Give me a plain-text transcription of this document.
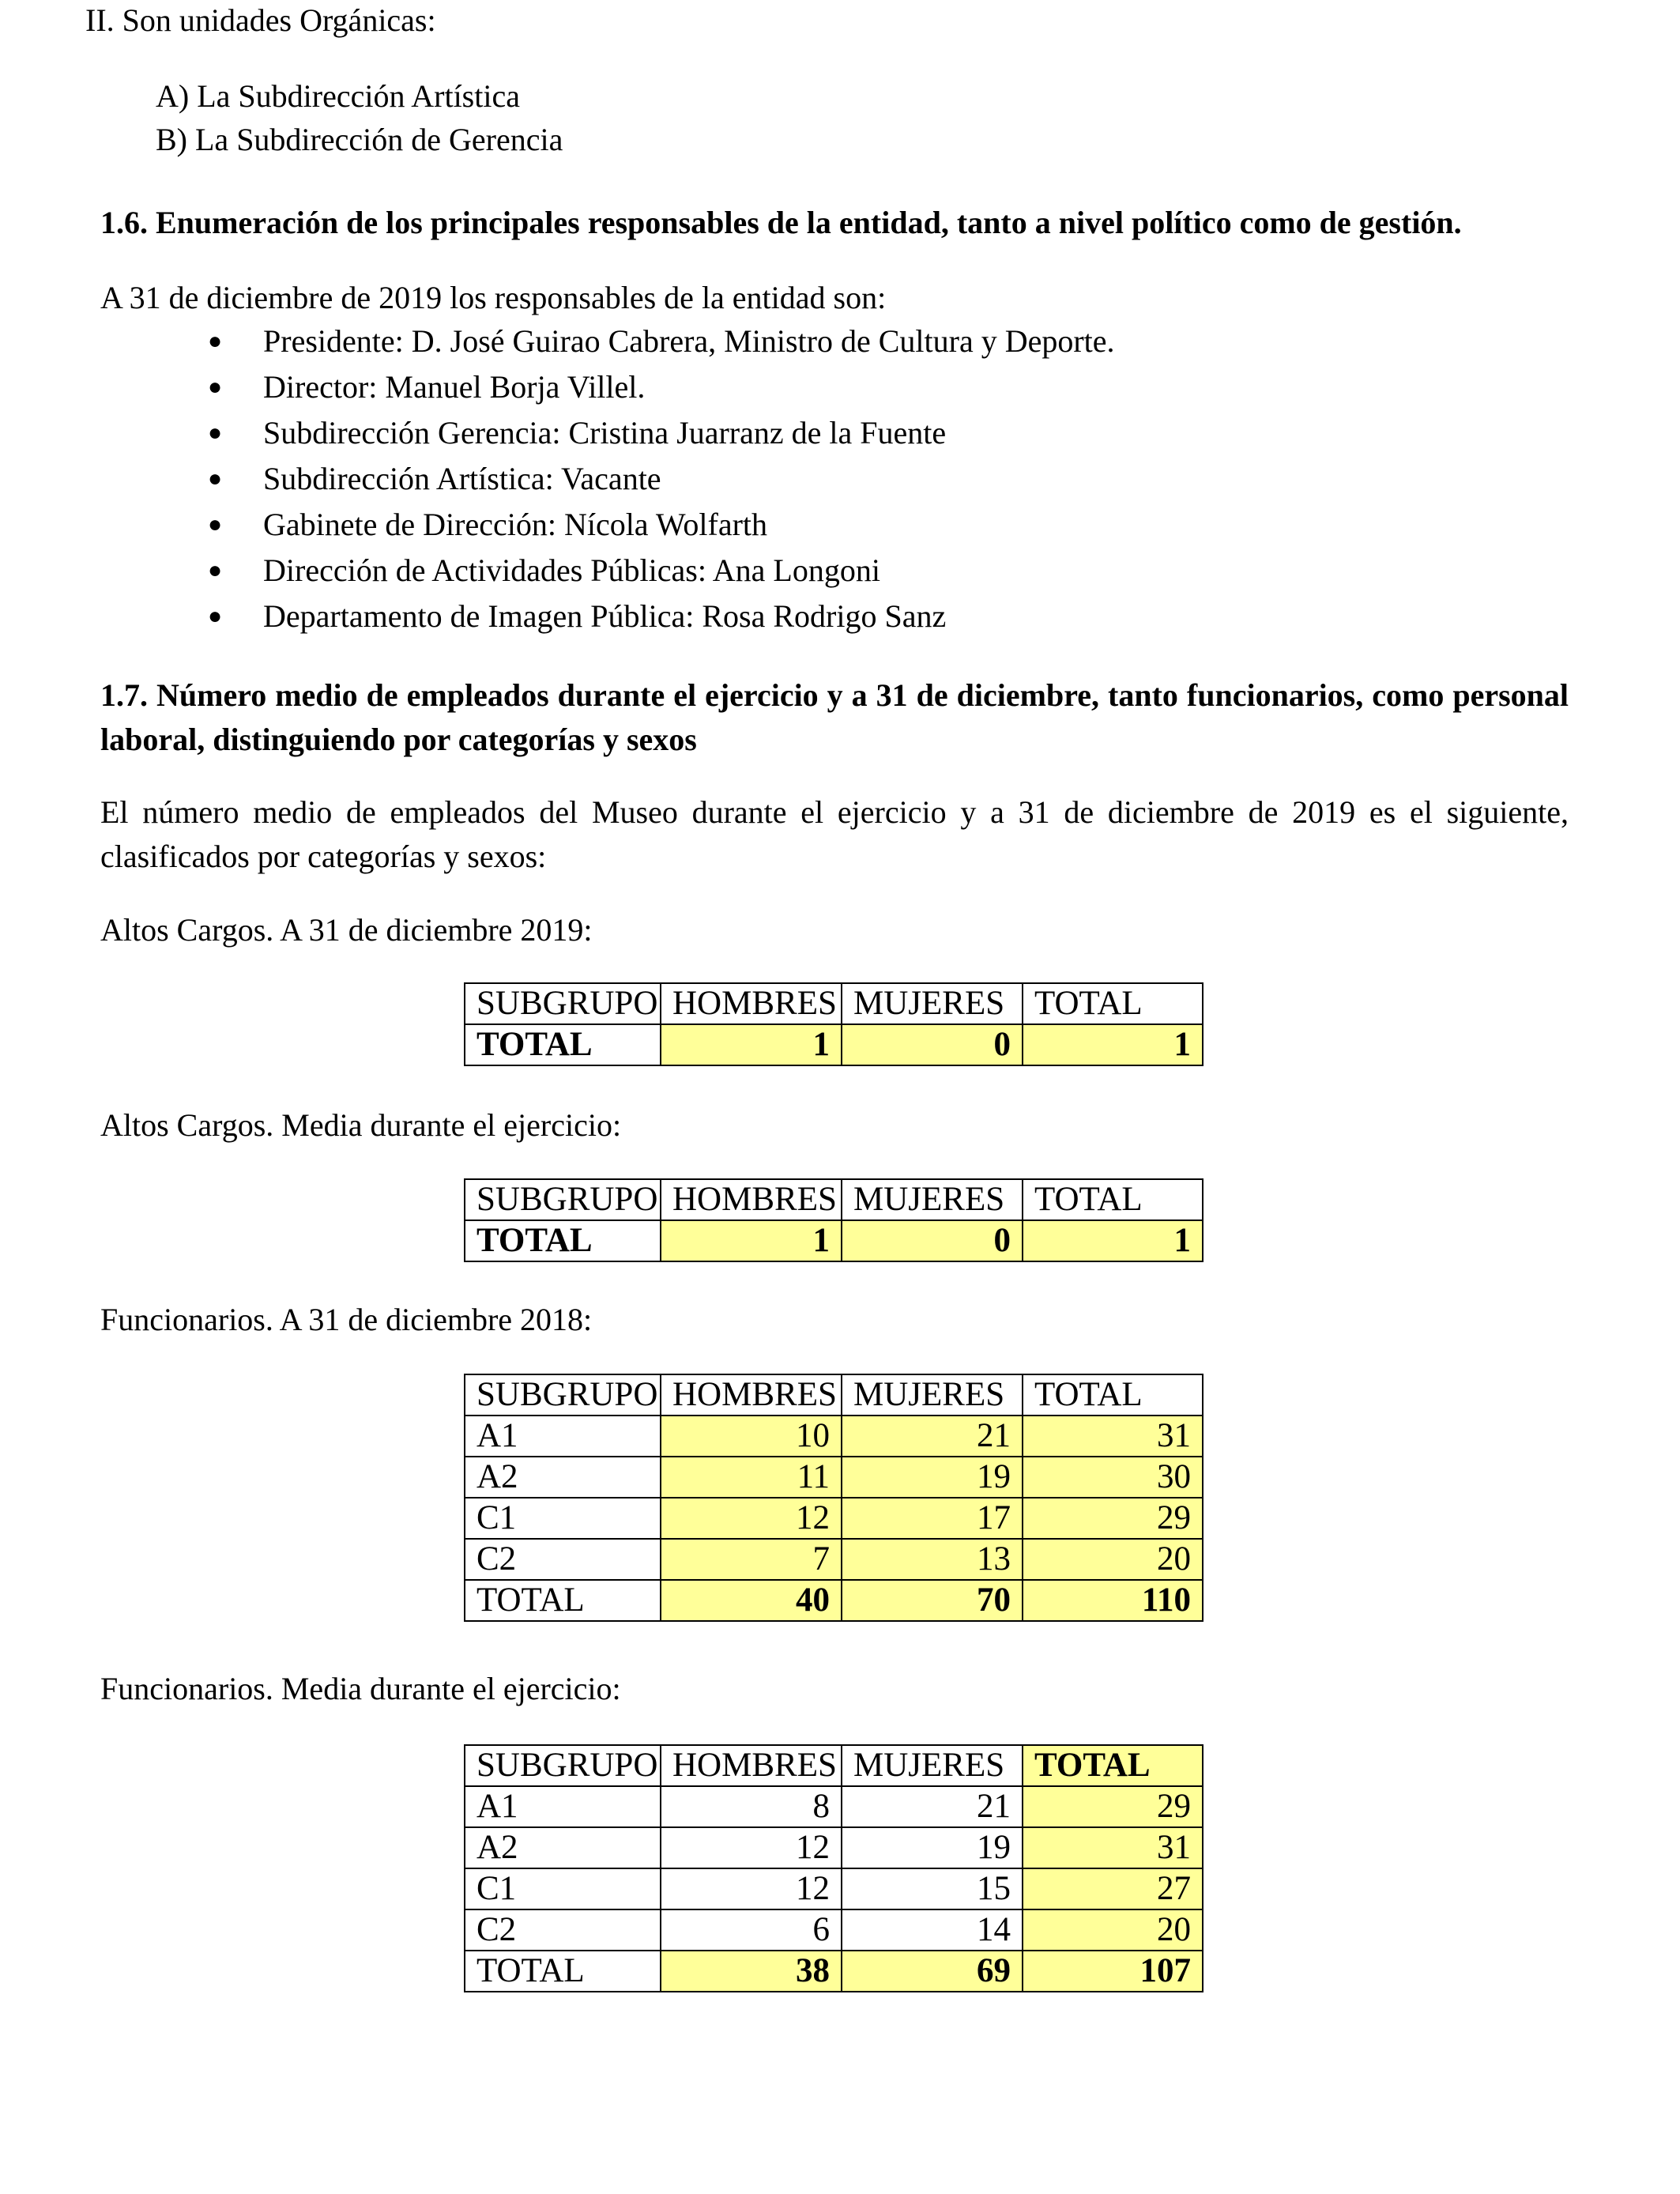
II. Son unidades Orgánicas:
A) La Subdirección Artística
B) La Subdirección de Gerencia
1.6. Enumeración de los principales responsables de la entidad, tanto a nivel político como de gestión.
A 31 de diciembre de 2019 los responsables de la entidad son:
● Presidente: D. José Guirao Cabrera, Ministro de Cultura y Deporte.
● Director: Manuel Borja Villel.
● Subdirección Gerencia: Cristina Juarranz de la Fuente
● Subdirección Artística: Vacante
● Gabinete de Dirección: Nícola Wolfarth
● Dirección de Actividades Públicas: Ana Longoni
● Departamento de Imagen Pública: Rosa Rodrigo Sanz
1.7. Número medio de empleados durante el ejercicio y a 31 de diciembre, tanto funcionarios, como personal laboral, distinguiendo por categorías y sexos
El número medio de empleados del Museo durante el ejercicio y a 31 de diciembre de 2019 es el siguiente, clasificados por categorías y sexos:
Altos Cargos. A 31 de diciembre 2019:
SUBGRUPO	HOMBRES	MUJERES	TOTAL
TOTAL	1	0	1
Altos Cargos. Media durante el ejercicio:
SUBGRUPO	HOMBRES	MUJERES	TOTAL
TOTAL	1	0	1
Funcionarios. A 31 de diciembre 2018:
SUBGRUPO	HOMBRES	MUJERES	TOTAL
A1	10	21	31
A2	11	19	30
C1	12	17	29
C2	7	13	20
TOTAL	40	70	110
Funcionarios. Media durante el ejercicio:
SUBGRUPO	HOMBRES	MUJERES	TOTAL
A1	8	21	29
A2	12	19	31
C1	12	15	27
C2	6	14	20
TOTAL	38	69	107
